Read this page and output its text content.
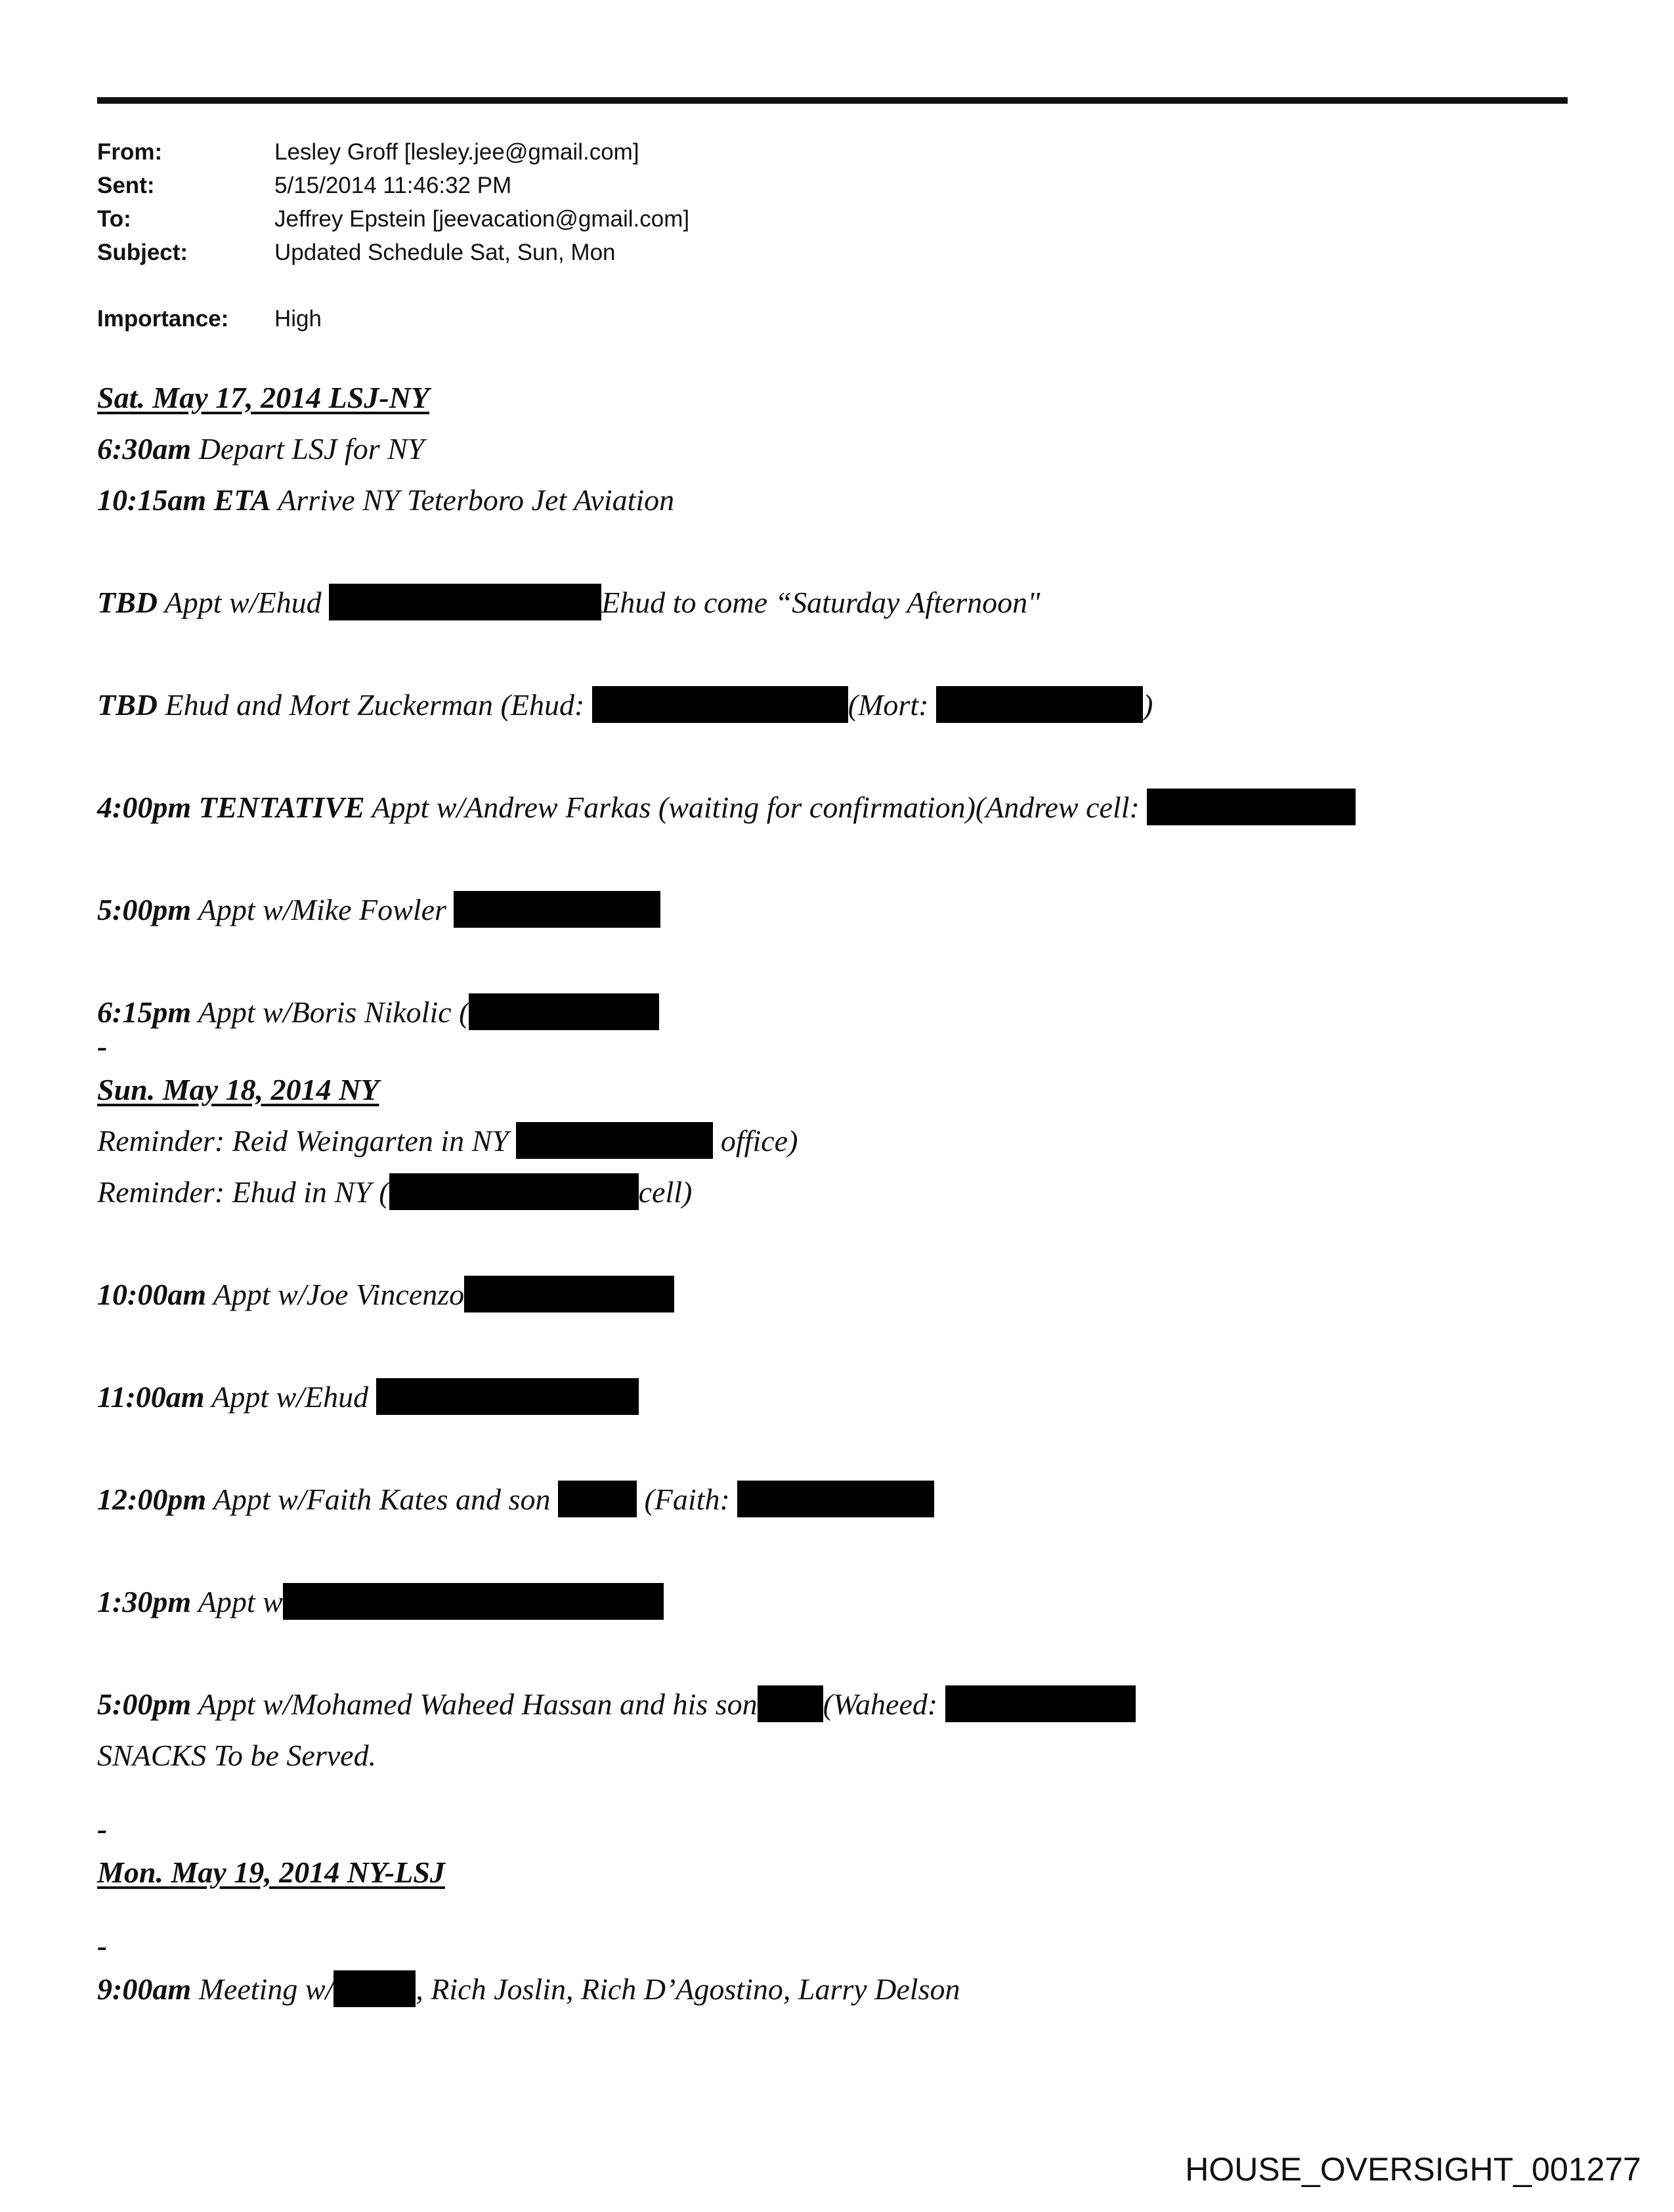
From:	Lesley Groff [lesley.jee@gmail.com]
Sent:	5/15/2014 11:46:32 PM
To:	Jeffrey Epstein [jeevacation@gmail.com]
Subject:	Updated Schedule Sat, Sun, Mon
Importance:	High
Sat. May 17, 2014 LSJ-NY
6:30am Depart LSJ for NY
10:15am ETA Arrive NY Teterboro Jet Aviation
TBD Appt w/Ehud	Ehud to come “Saturday Afternoon"
TBD Ehud and Mort Zuckerman (Ehud:	(Mort:	)
4:00pm TENTATIVE Appt w/Andrew Farkas (waiting for confirmation)(Andrew cell:
5:00pm Appt w/Mike Fowler
6:15pm Appt w/Boris Nikolic (
-
Sun. May 18, 2014 NY
Reminder: Reid Weingarten in NY	office)
Reminder: Ehud in NY (	cell)
10:00am Appt w/Joe Vincenzo
11:00am Appt w/Ehud
12:00pm Appt w/Faith Kates and son	(Faith:
1:30pm Appt w
5:00pm Appt w/Mohamed Waheed Hassan and his son (Waheed:
SNACKS To be Served.
-
Mon. May 19, 2014 NY-LSJ
-
9:00am Meeting w/	, Rich Joslin, Rich D’Agostino, Larry Delson
HOUSE_OVERSIGHT_001277
